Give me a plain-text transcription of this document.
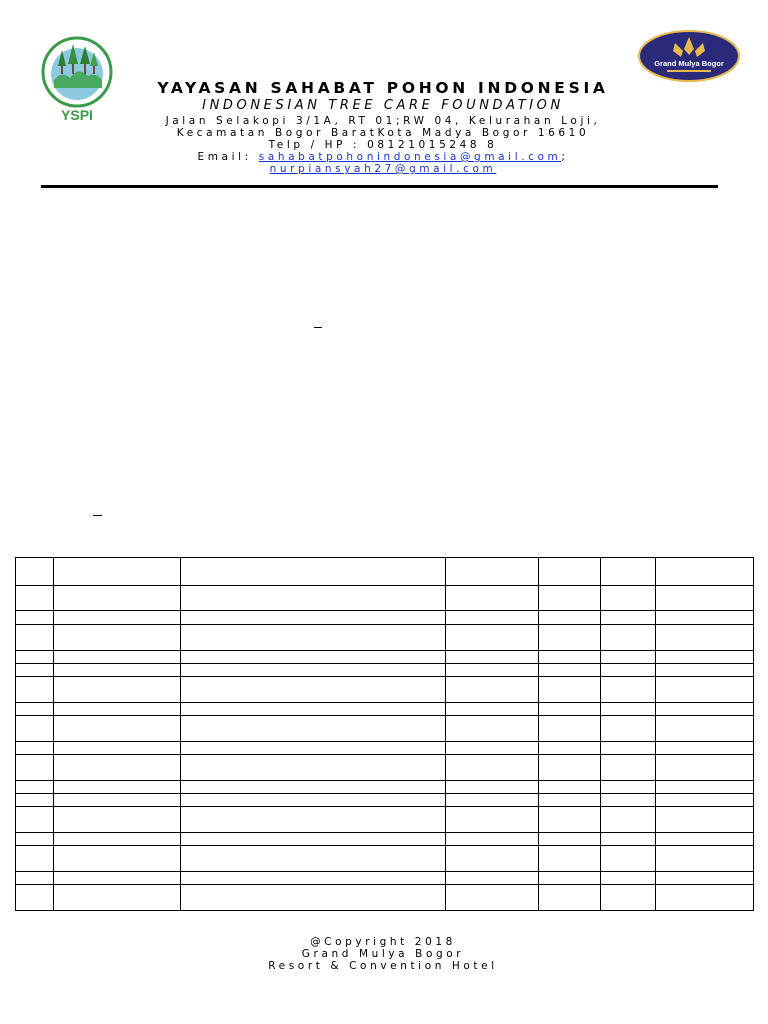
YSPI
Grand Mulya Bogor
YAYASAN SAHABAT POHON INDONESIA
INDONESIAN TREE CARE FOUNDATION
Jalan Selakopi 3/1A, RT 01;RW 04, Kelurahan Loji,
Kecamatan Bogor BaratKota Madya Bogor 16610
Telp / HP : 08121015248 8
Email: sahabatpohonindonesia@gmail.com;
nurpiansyah27@gmail.com

@Copyright 2018
Grand Mulya Bogor
Resort & Convention Hotel
